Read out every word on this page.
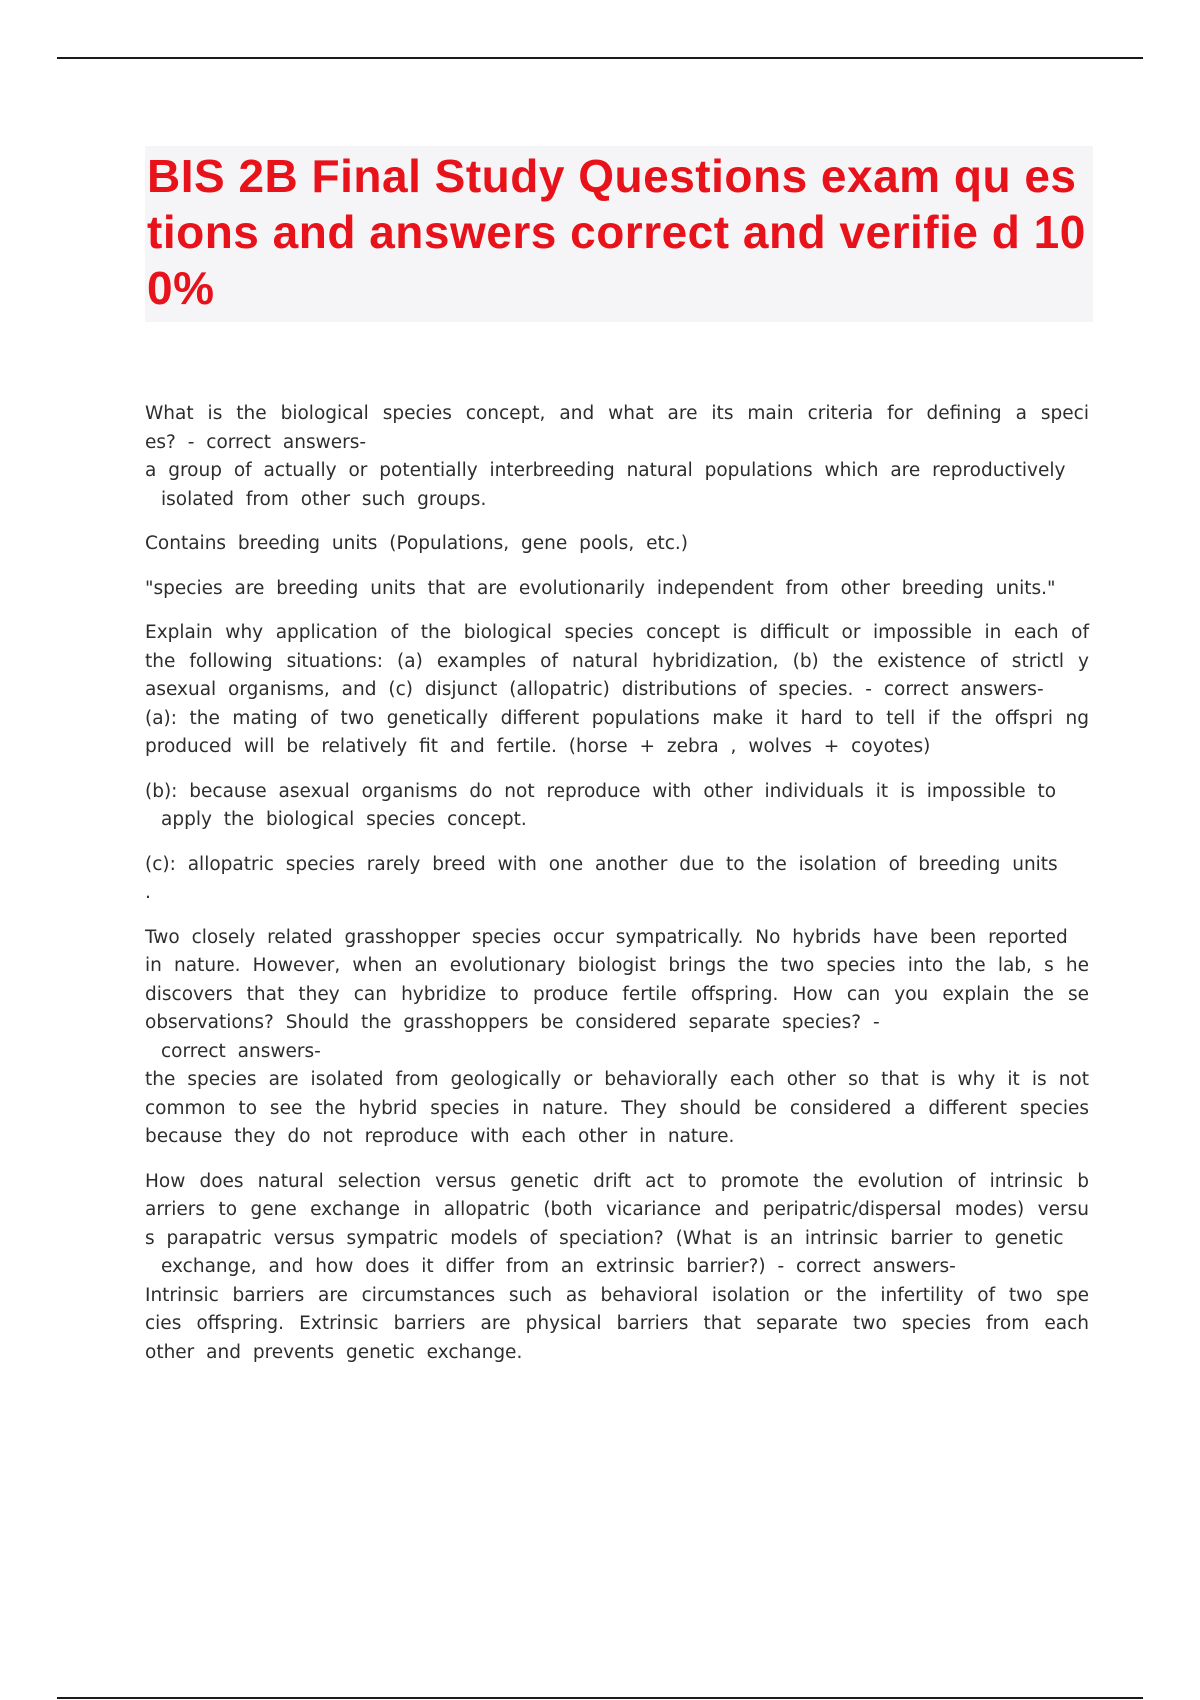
BIS 2B Final Study Questions exam qu estions and answers correct and verifie d 100%

What is the biological species concept, and what are its main criteria for defining a speci es? - correct answers-

a group of actually or potentially interbreeding natural populations which are reproductively

isolated from other such groups.

Contains breeding units (Populations, gene pools, etc.)

"species are breeding units that are evolutionarily independent from other breeding units."

Explain why application of the biological species concept is difficult or impossible in each of the following situations: (a) examples of natural hybridization, (b) the existence of strictl y asexual organisms, and (c) disjunct (allopatric) distributions of species. - correct answers-

(a): the mating of two genetically different populations make it hard to tell if the offspri ng produced will be relatively fit and fertile. (horse + zebra , wolves + coyotes)

(b): because asexual organisms do not reproduce with other individuals it is impossible to

apply the biological species concept.

(c): allopatric species rarely breed with one another due to the isolation of breeding units

.

Two closely related grasshopper species occur sympatrically. No hybrids have been reported

in nature. However, when an evolutionary biologist brings the two species into the lab, s he discovers that they can hybridize to produce fertile offspring. How can you explain the se observations? Should the grasshoppers be considered separate species? -

correct answers-

the species are isolated from geologically or behaviorally each other so that is why it is not common to see the hybrid species in nature. They should be considered a different species because they do not reproduce with each other in nature.

How does natural selection versus genetic drift act to promote the evolution of intrinsic b arriers to gene exchange in allopatric (both vicariance and peripatric/dispersal modes) versu s parapatric versus sympatric models of speciation? (What is an intrinsic barrier to genetic

exchange, and how does it differ from an extrinsic barrier?) - correct answers-

Intrinsic barriers are circumstances such as behavioral isolation or the infertility of two spe cies offspring. Extrinsic barriers are physical barriers that separate two species from each other and prevents genetic exchange.
